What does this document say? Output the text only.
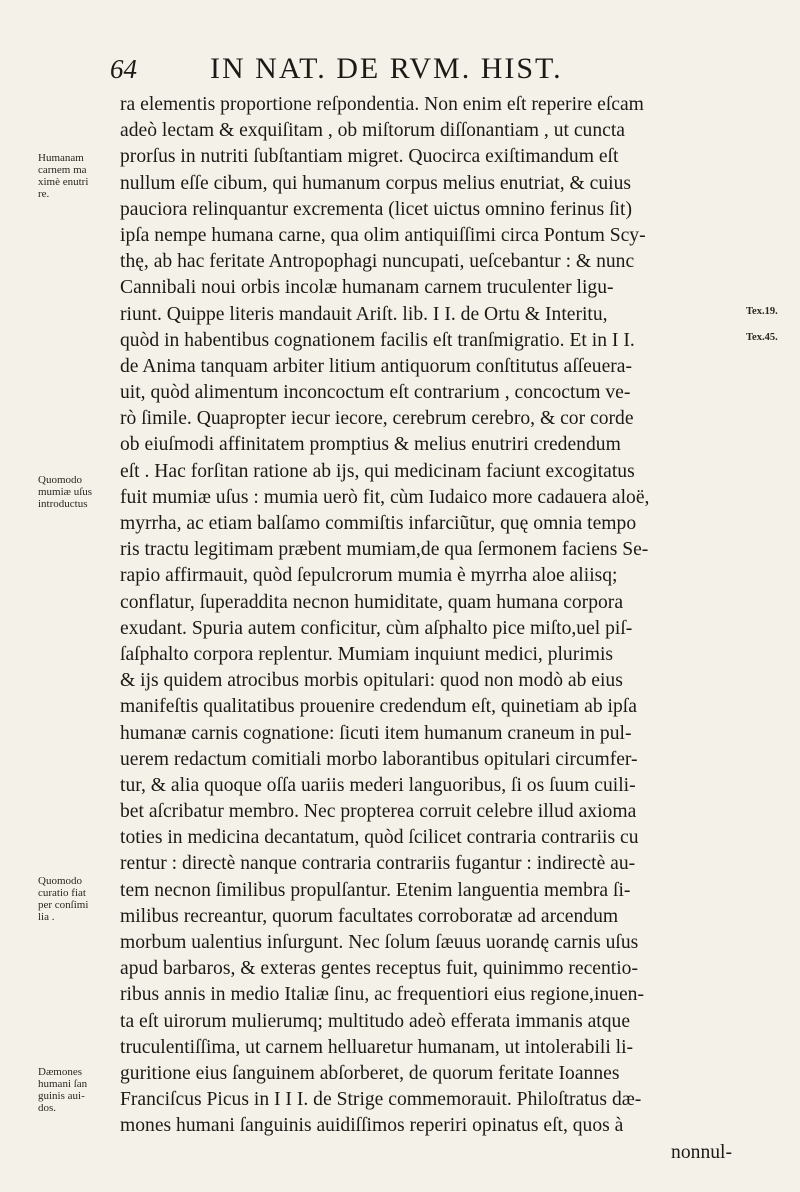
64	IN NAT. DE RVM. HIST.
ra elementis proportione reſpondentia. Non enim eſt reperire eſcam
adeò lectam & exquiſitam , ob miſtorum diſſonantiam , ut cuncta
prorſus in nutriti ſubſtantiam migret. Quocirca exiſtimandum eſt
nullum eſſe cibum, qui humanum corpus melius enutriat, & cuius
pauciora relinquantur excrementa (licet uictus omnino ferinus ſit)
ipſa nempe humana carne, qua olim antiquiſſimi circa Pontum Scy-
thę, ab hac feritate Antropophagi nuncupati, ueſcebantur : & nunc
Cannibali noui orbis incolæ humanam carnem truculenter ligu-
riunt. Quippe literis mandauit Ariſt. lib. I I. de Ortu & Interitu,
quòd in habentibus cognationem facilis eſt tranſmigratio. Et in I I.
de Anima tanquam arbiter litium antiquorum conſtitutus aſſeuera-
uit, quòd alimentum inconcoctum eſt contrarium , concoctum ve-
rò ſimile. Quapropter iecur iecore, cerebrum cerebro, & cor corde
ob eiuſmodi affinitatem promptius & melius enutriri credendum
eſt . Hac forſitan ratione ab ijs, qui medicinam faciunt excogitatus
fuit mumiæ uſus : mumia uerò fit, cùm Iudaico more cadauera aloë,
myrrha, ac etiam balſamo commiſtis infarciũtur, quę omnia tempo
ris tractu legitimam præbent mumiam,de qua ſermonem faciens Se-
rapio affirmauit, quòd ſepulcrorum mumia è myrrha aloe aliisq;
conflatur, ſuperaddita necnon humiditate, quam humana corpora
exudant. Spuria autem conficitur, cùm aſphalto pice miſto,uel piſ-
ſaſphalto corpora replentur. Mumiam inquiunt medici, plurimis
& ijs quidem atrocibus morbis opitulari: quod non modò ab eius
manifeſtis qualitatibus prouenire credendum eſt, quinetiam ab ipſa
humanæ carnis cognatione: ſicuti item humanum craneum in pul-
uerem redactum comitiali morbo laborantibus opitulari circumfer-
tur, & alia quoque oſſa uariis mederi languoribus, ſi os ſuum cuili-
bet aſcribatur membro. Nec propterea corruit celebre illud axioma
toties in medicina decantatum, quòd ſcilicet contraria contrariis cu
rentur : directè nanque contraria contrariis fugantur : indirectè au-
tem necnon ſimilibus propulſantur. Etenim languentia membra ſi-
milibus recreantur, quorum facultates corroboratæ ad arcendum
morbum ualentius inſurgunt. Nec ſolum ſæuus uorandę carnis uſus
apud barbaros, & exteras gentes receptus fuit, quinimmo recentio-
ribus annis in medio Italiæ ſinu, ac frequentiori eius regione,inuen-
ta eſt uirorum mulierumq; multitudo adeò efferata immanis atque
truculentiſſima, ut carnem helluaretur humanam, ut intolerabili li-
guritione eius ſanguinem abſorberet, de quorum feritate Ioannes
Franciſcus Picus in I I I. de Strige commemorauit. Philoſtratus dæ-
mones humani ſanguinis auidiſſimos reperiri opinatus eſt, quos à
nonnul-
Humanam carnem ma ximè enutri re.
Quomodo mumiæ uſus introductus
Quomodo curatio fiat per conſimi lia .
Dæmones humani ſan guinis aui- dos.
Tex.19.
Tex.45.
